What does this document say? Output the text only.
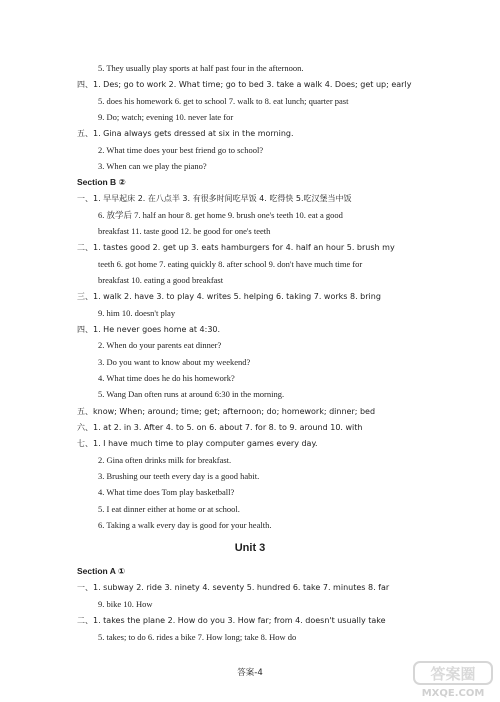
5. They usually play sports at half past four in the afternoon.
四、1. Des; go to work 2. What time; go to bed 3. take a walk 4. Does; get up; early
5. does his homework 6. get to school 7. walk to 8. eat lunch; quarter past
9. Do; watch; evening 10. never late for
五、1. Gina always gets dressed at six in the morning.
2. What time does your best friend go to school?
3. When can we play the piano?
Section B ②
一、1. 早早起床 2. 在八点半 3. 有很多时间吃早饭 4. 吃得快 5.吃汉堡当中饭
6. 放学后 7. half an hour 8. get home 9. brush one's teeth 10. eat a good
breakfast 11. taste good 12. be good for one's teeth
二、1. tastes good 2. get up 3. eats hamburgers for 4. half an hour 5. brush my
teeth 6. got home 7. eating quickly 8. after school 9. don't have much time for
breakfast 10. eating a good breakfast
三、1. walk 2. have 3. to play 4. writes 5. helping 6. taking 7. works 8. bring
9. him 10. doesn't play
四、1. He never goes home at 4:30.
2. When do your parents eat dinner?
3. Do you want to know about my weekend?
4. What time does he do his homework?
5. Wang Dan often runs at around 6:30 in the morning.
五、know; When; around; time; get; afternoon; do; homework; dinner; bed
六、1. at 2. in 3. After 4. to 5. on 6. about 7. for 8. to 9. around 10. with
七、1. I have much time to play computer games every day.
2. Gina often drinks milk for breakfast.
3. Brushing our teeth every day is a good habit.
4. What time does Tom play basketball?
5. I eat dinner either at home or at school.
6. Taking a walk every day is good for your health.
Unit 3
Section A ①
一、1. subway 2. ride 3. ninety 4. seventy 5. hundred 6. take 7. minutes 8. far
9. bike 10. How
二、1. takes the plane 2. How do you 3. How far; from 4. doesn't usually take
5. takes; to do 6. rides a bike 7. How long; take 8. How do
答案-4	答案圈
MXQE.COM
